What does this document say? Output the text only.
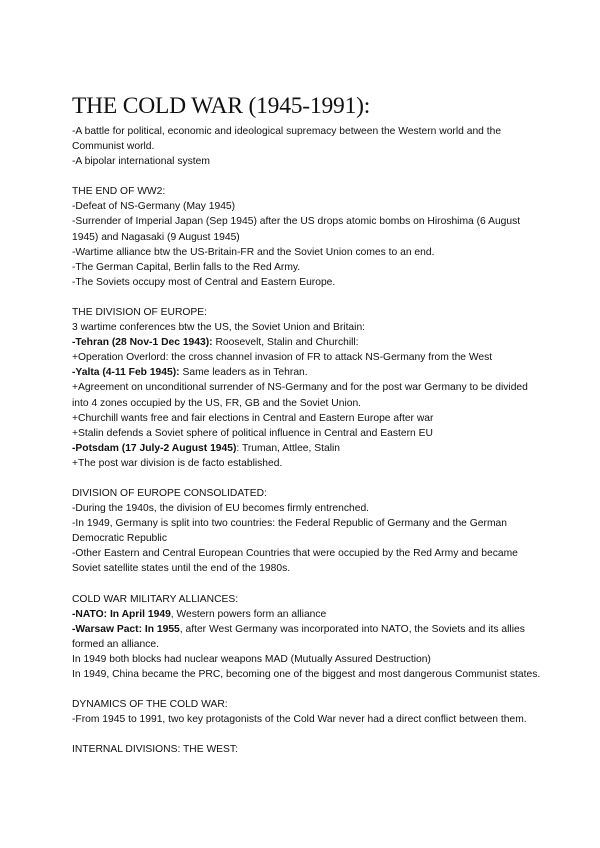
THE COLD WAR (1945-1991):
-A battle for political, economic and ideological supremacy between the Western world and the Communist world.
-A bipolar international system
THE END OF WW2:
-Defeat of NS-Germany (May 1945)
-Surrender of Imperial Japan (Sep 1945) after the US drops atomic bombs on Hiroshima (6 August 1945) and Nagasaki (9 August 1945)
-Wartime alliance btw the US-Britain-FR and the Soviet Union comes to an end.
-The German Capital, Berlin falls to the Red Army.
-The Soviets occupy most of Central and Eastern Europe.
THE DIVISION OF EUROPE:
3 wartime conferences btw the US, the Soviet Union and Britain:
-Tehran (28 Nov-1 Dec 1943): Roosevelt, Stalin and Churchill:
+Operation Overlord: the cross channel invasion of FR to attack NS-Germany from the West
-Yalta (4-11 Feb 1945): Same leaders as in Tehran.
+Agreement on unconditional surrender of NS-Germany and for the post war Germany to be divided into 4 zones occupied by the US, FR, GB and the Soviet Union.
+Churchill wants free and fair elections in Central and Eastern Europe after war
+Stalin defends a Soviet sphere of political influence in Central and Eastern EU
-Potsdam (17 July-2 August 1945): Truman, Attlee, Stalin
+The post war division is de facto established.
DIVISION OF EUROPE CONSOLIDATED:
-During the 1940s, the division of EU becomes firmly entrenched.
-In 1949, Germany is split into two countries: the Federal Republic of Germany and the German Democratic Republic
-Other Eastern and Central European Countries that were occupied by the Red Army and became Soviet satellite states until the end of the 1980s.
COLD WAR MILITARY ALLIANCES:
-NATO: In April 1949, Western powers form an alliance
-Warsaw Pact: In 1955, after West Germany was incorporated into NATO, the Soviets and its allies formed an alliance.
In 1949 both blocks had nuclear weapons MAD (Mutually Assured Destruction)
In 1949, China became the PRC, becoming one of the biggest and most dangerous Communist states.
DYNAMICS OF THE COLD WAR:
-From 1945 to 1991, two key protagonists of the Cold War never had a direct conflict between them.
INTERNAL DIVISIONS: THE WEST:
